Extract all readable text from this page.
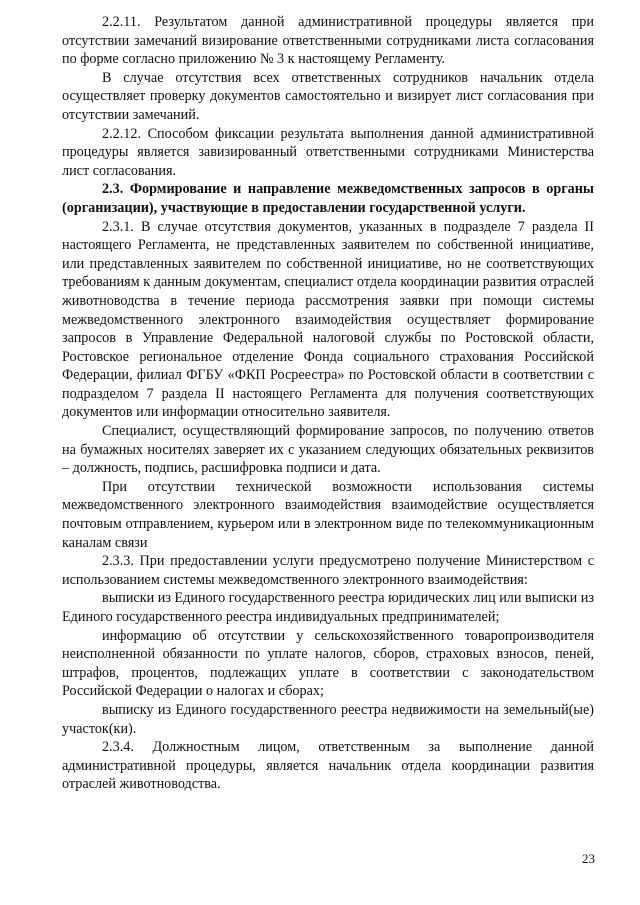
2.2.11. Результатом данной административной процедуры является при отсутствии замечаний визирование ответственными сотрудниками листа согласования по форме согласно приложению № 3 к настоящему Регламенту.

В случае отсутствия всех ответственных сотрудников начальник отдела осуществляет проверку документов самостоятельно и визирует лист согласования при отсутствии замечаний.

2.2.12. Способом фиксации результата выполнения данной административной процедуры является завизированный ответственными сотрудниками Министерства лист согласования.

2.3. Формирование и направление межведомственных запросов в органы (организации), участвующие в предоставлении государственной услуги.

2.3.1. В случае отсутствия документов, указанных в подразделе 7 раздела II настоящего Регламента, не представленных заявителем по собственной инициативе, или представленных заявителем по собственной инициативе, но не соответствующих требованиям к данным документам, специалист отдела координации развития отраслей животноводства в течение периода рассмотрения заявки при помощи системы межведомственного электронного взаимодействия осуществляет формирование запросов в Управление Федеральной налоговой службы по Ростовской области, Ростовское региональное отделение Фонда социального страхования Российской Федерации, филиал ФГБУ «ФКП Росреестра» по Ростовской области в соответствии с подразделом 7 раздела II настоящего Регламента для получения соответствующих документов или информации относительно заявителя.

Специалист, осуществляющий формирование запросов, по получению ответов на бумажных носителях заверяет их с указанием следующих обязательных реквизитов – должность, подпись, расшифровка подписи и дата.

При отсутствии технической возможности использования системы межведомственного электронного взаимодействия взаимодействие осуществляется почтовым отправлением, курьером или в электронном виде по телекоммуникационным каналам связи

2.3.3. При предоставлении услуги предусмотрено получение Министерством с использованием системы межведомственного электронного взаимодействия:

выписки из Единого государственного реестра юридических лиц или выписки из Единого государственного реестра индивидуальных предпринимателей;

информацию об отсутствии у сельскохозяйственного товаропроизводителя неисполненной обязанности по уплате налогов, сборов, страховых взносов, пеней, штрафов, процентов, подлежащих уплате в соответствии с законодательством Российской Федерации о налогах и сборах;

выписку из Единого государственного реестра недвижимости на земельный(ые) участок(ки).

2.3.4. Должностным лицом, ответственным за выполнение данной административной процедуры, является начальник отдела координации развития отраслей животноводства.

23
